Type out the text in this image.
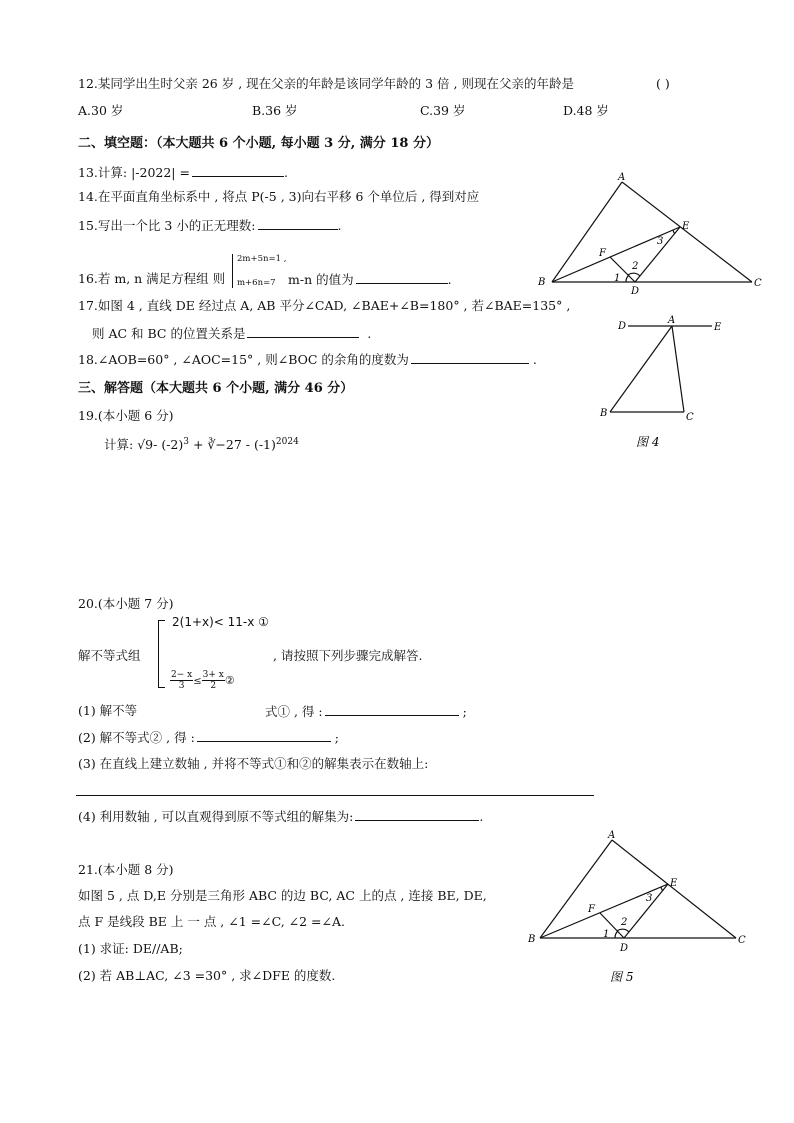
12.某同学出生时父亲 26 岁 , 现在父亲的年龄是该同学年龄的 3 倍 , 则现在父亲的年龄是	( )
A.30 岁	B.36 岁	C.39 岁	D.48 岁
二、填空题：（本大题共 6 个小题, 每小题 3 分, 满分 18 分）
13.计算: |-2022| =	.
14.在平面直角坐标系中 , 将点 P(-5 , 3)向右平移 6 个单位后 , 得到对应
15.写出一个比 3 小的正无理数:	.
16.若 m, n 满足方程组 则
2m+5n=1 ,
m+6n=7 m-n 的值为	.
17.如图 4 , 直线 DE 经过点 A, AB 平分∠CAD, ∠BAE+∠B=180° , 若∠BAE=135° ,
则 AC 和 BC 的位置关系是	.
18.∠AOB=60° , ∠AOC=15° , 则∠BOC 的余角的度数为	.
三、解答题（本大题共 6 个小题, 满分 46 分）
19.(本小题 6 分)
计算: √9- $(-2)^3$ + ∛−27 - $(-1)^{2024}$
20.(本小题 7 分)
解不等式组
2(1+x)< 11-x ①
$\frac{2- x}{3} \le \frac{3+ x}{2}$ ②
, 请按照下列步骤完成解答.
(1) 解不等	式① , 得 :	;
(2) 解不等式② , 得 :	;
(3) 在直线上建立数轴 , 并将不等式①和②的解集表示在数轴上:
(4) 利用数轴 , 可以直观得到原不等式组的解集为:	.
21.(本小题 8 分)
如图 5 , 点 D,E 分别是三角形 ABC 的边 BC, AC 上的点 , 连接 BE, DE,
点 F 是线段 BE 上 一 点 , ∠1 =∠C, ∠2 =∠A.
(1) 求证: DE//AB;
(2) 若 AB⊥AC, ∠3 =30° , 求∠DFE 的度数.
A
B	C
D
E
F
1
2
3
D
A
E
B	C
图 4
A
B	C
D
E
F
1
2
3
图 5
